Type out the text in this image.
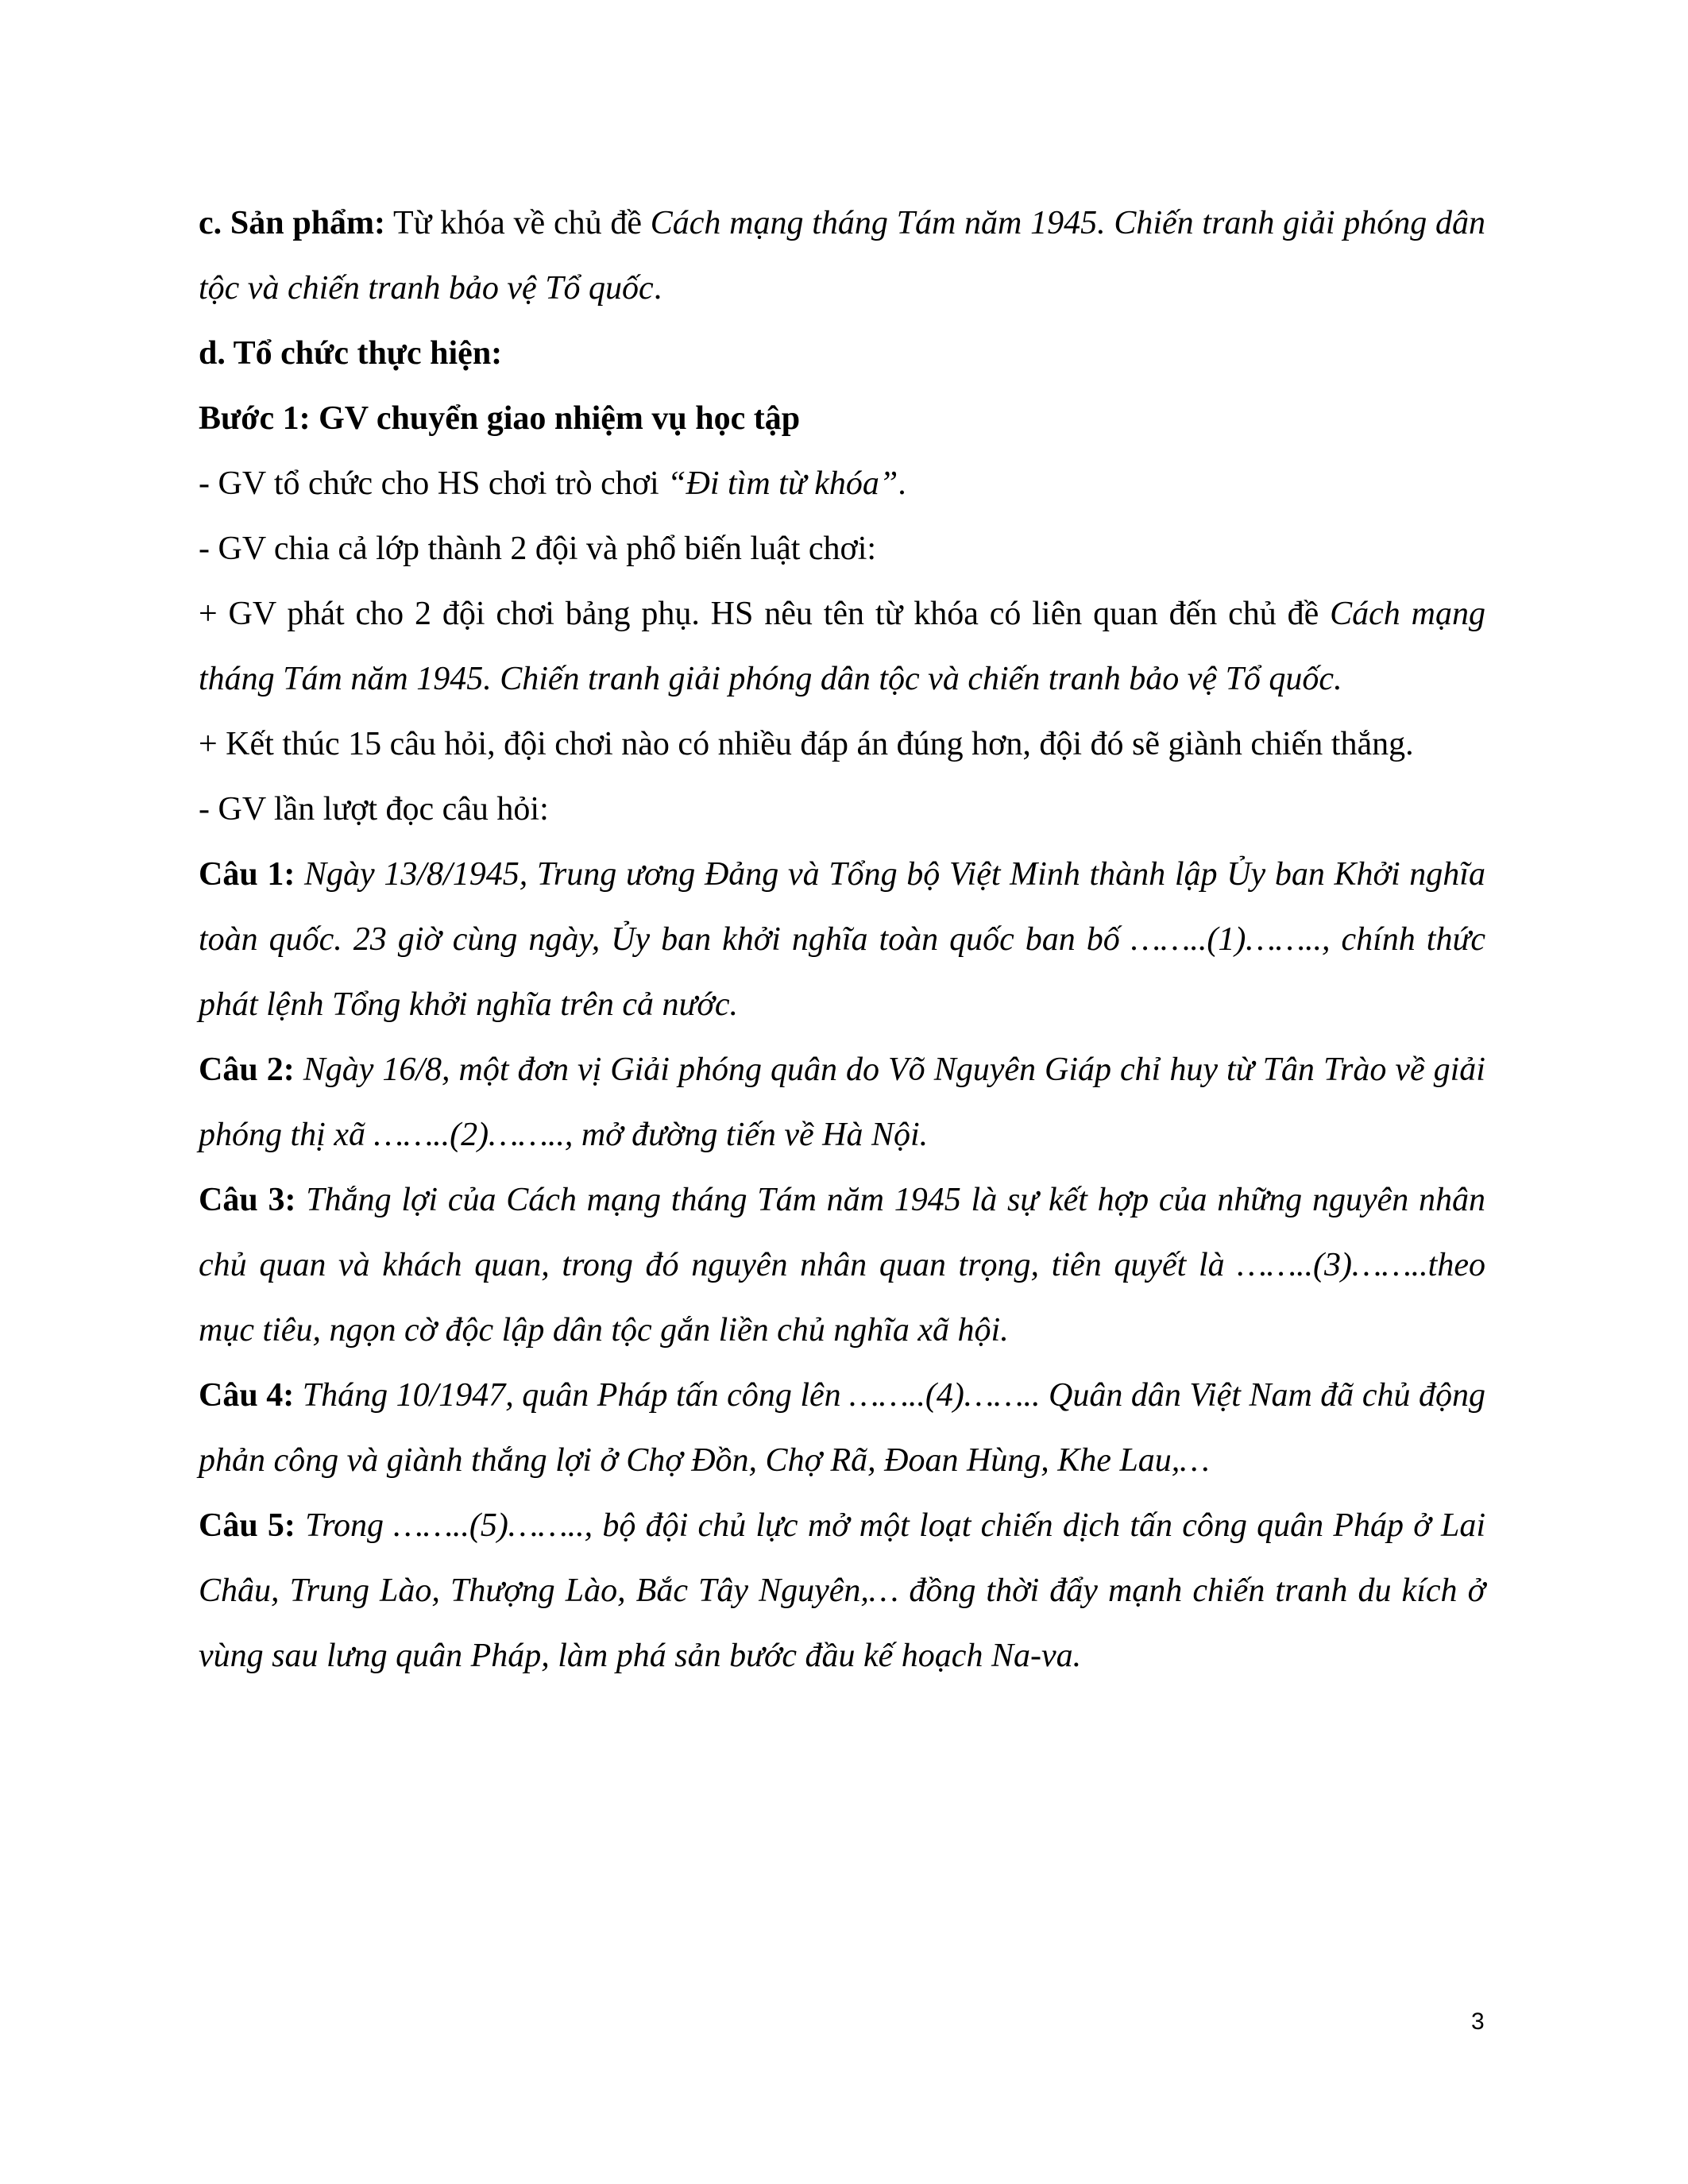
c. Sản phẩm: Từ khóa về chủ đề Cách mạng tháng Tám năm 1945. Chiến tranh giải phóng dân tộc và chiến tranh bảo vệ Tổ quốc.

d. Tổ chức thực hiện:

Bước 1: GV chuyển giao nhiệm vụ học tập

- GV tổ chức cho HS chơi trò chơi “Đi tìm từ khóa”.

- GV chia cả lớp thành 2 đội và phổ biến luật chơi:

+ GV phát cho 2 đội chơi bảng phụ. HS nêu tên từ khóa có liên quan đến chủ đề Cách mạng tháng Tám năm 1945. Chiến tranh giải phóng dân tộc và chiến tranh bảo vệ Tổ quốc.

+ Kết thúc 15 câu hỏi, đội chơi nào có nhiều đáp án đúng hơn, đội đó sẽ giành chiến thắng.

- GV lần lượt đọc câu hỏi:

Câu 1: Ngày 13/8/1945, Trung ương Đảng và Tổng bộ Việt Minh thành lập Ủy ban Khởi nghĩa toàn quốc. 23 giờ cùng ngày, Ủy ban khởi nghĩa toàn quốc ban bố ……..(1)…….., chính thức phát lệnh Tổng khởi nghĩa trên cả nước.

Câu 2: Ngày 16/8, một đơn vị Giải phóng quân do Võ Nguyên Giáp chỉ huy từ Tân Trào về giải phóng thị xã ……..(2)…….., mở đường tiến về Hà Nội.

Câu 3: Thắng lợi của Cách mạng tháng Tám năm 1945 là sự kết hợp của những nguyên nhân chủ quan và khách quan, trong đó nguyên nhân quan trọng, tiên quyết là ……..(3)……..theo mục tiêu, ngọn cờ độc lập dân tộc gắn liền chủ nghĩa xã hội.

Câu 4: Tháng 10/1947, quân Pháp tấn công lên ……..(4)…….. Quân dân Việt Nam đã chủ động phản công và giành thắng lợi ở Chợ Đồn, Chợ Rã, Đoan Hùng, Khe Lau,…

Câu 5: Trong ……..(5)…….., bộ đội chủ lực mở một loạt chiến dịch tấn công quân Pháp ở Lai Châu, Trung Lào, Thượng Lào, Bắc Tây Nguyên,… đồng thời đẩy mạnh chiến tranh du kích ở vùng sau lưng quân Pháp, làm phá sản bước đầu kế hoạch Na-va.

3
